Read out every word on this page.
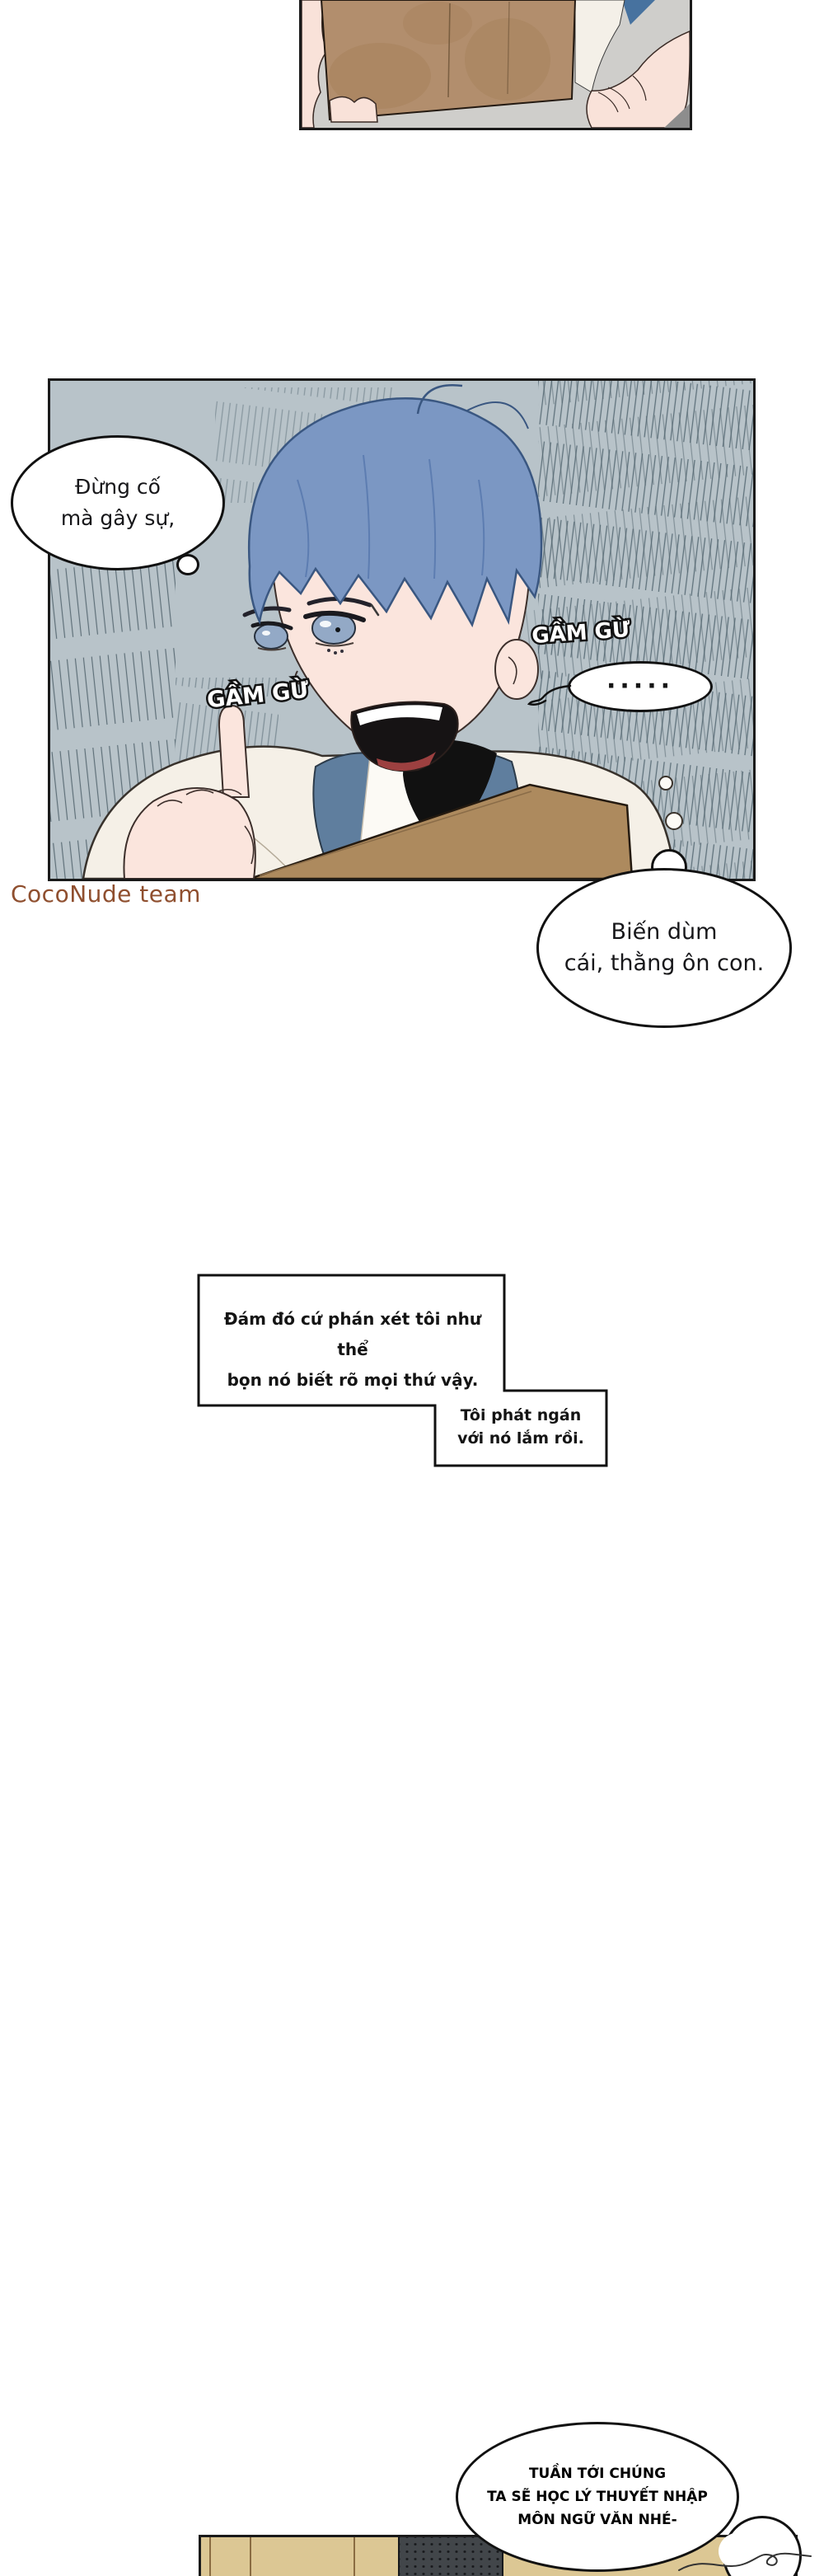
Đừng cố
mà gây sự,
GẦM GỪ
GẦM GỪ
·····
CocoNude team
Biến dùm
cái, thằng ôn con.
Đám đó cứ phán xét tôi như thể
bọn nó biết rõ mọi thứ vậy.
Tôi phát ngán
với nó lắm rồi.
TUẦN TỚI CHÚNG
TA SẼ HỌC LÝ THUYẾT NHẬP
MÔN NGỮ VĂN NHÉ-
